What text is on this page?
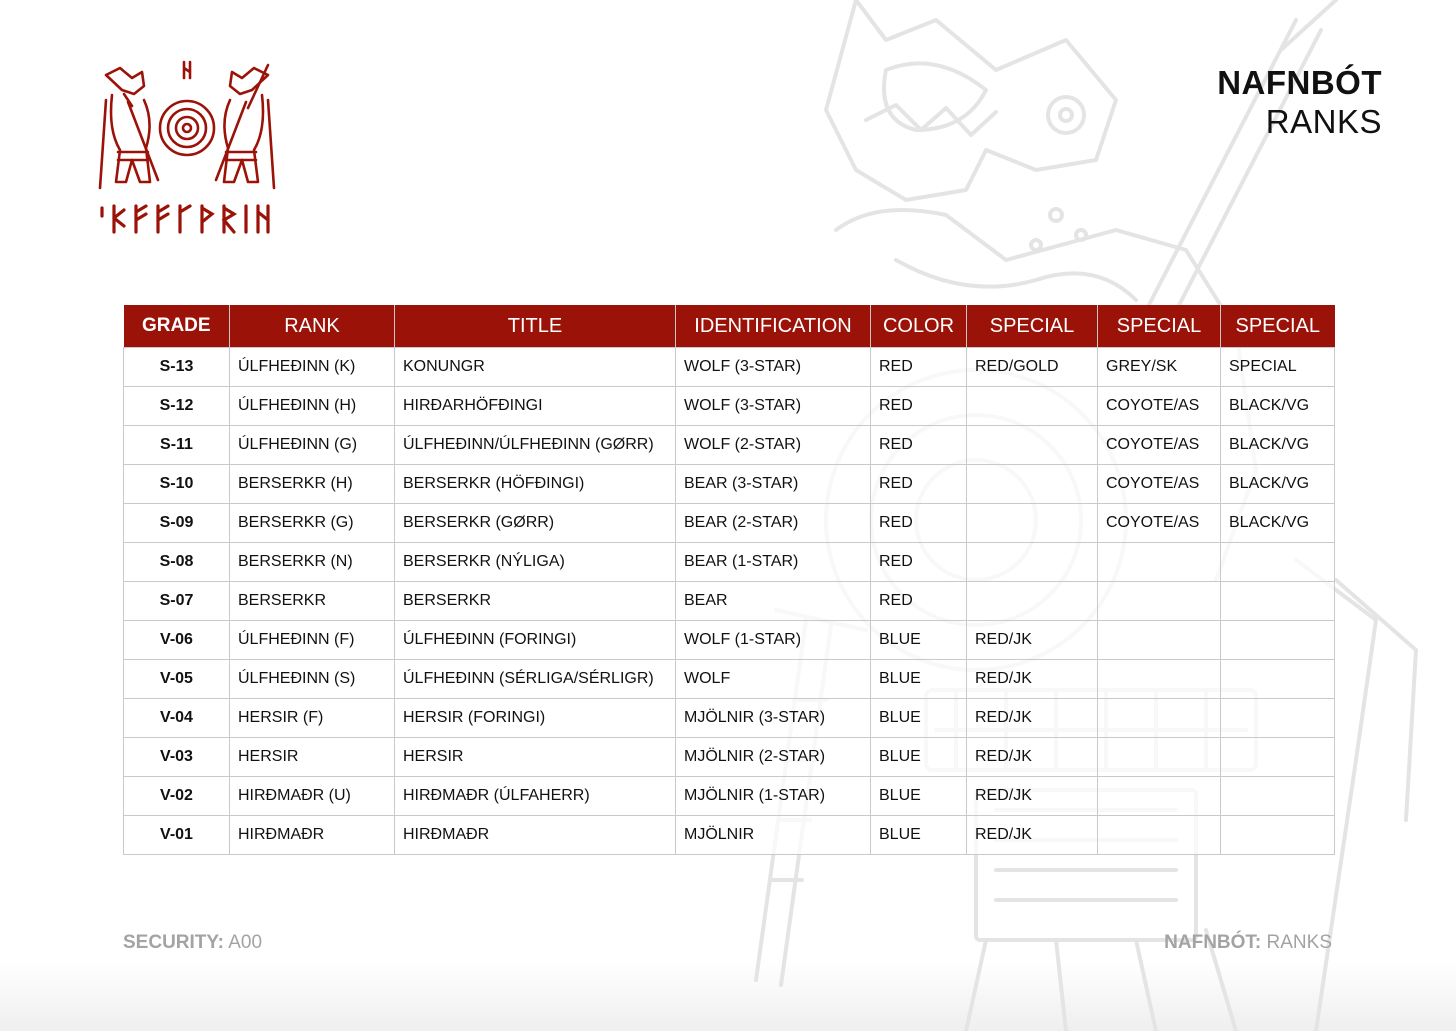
NAFNBÓT
RANKS
GRADE	RANK	TITLE	IDENTIFICATION	COLOR	SPECIAL	SPECIAL	SPECIAL
S-13	ÚLFHEÐINN (K)	KONUNGR	WOLF (3-STAR)	RED	RED/GOLD	GREY/SK	SPECIAL
S-12	ÚLFHEÐINN (H)	HIRÐARHÖFÐINGI	WOLF (3-STAR)	RED		COYOTE/AS	BLACK/VG
S-11	ÚLFHEÐINN (G)	ÚLFHEÐINN/ÚLFHEÐINN (GØRR)	WOLF (2-STAR)	RED		COYOTE/AS	BLACK/VG
S-10	BERSERKR (H)	BERSERKR (HÖFÐINGI)	BEAR (3-STAR)	RED		COYOTE/AS	BLACK/VG
S-09	BERSERKR (G)	BERSERKR (GØRR)	BEAR (2-STAR)	RED		COYOTE/AS	BLACK/VG
S-08	BERSERKR (N)	BERSERKR (NÝLIGA)	BEAR (1-STAR)	RED			
S-07	BERSERKR	BERSERKR	BEAR	RED			
V-06	ÚLFHEÐINN (F)	ÚLFHEÐINN (FORINGI)	WOLF (1-STAR)	BLUE	RED/JK		
V-05	ÚLFHEÐINN (S)	ÚLFHEÐINN (SÉRLIGA/SÉRLIGR)	WOLF	BLUE	RED/JK		
V-04	HERSIR (F)	HERSIR (FORINGI)	MJÖLNIR (3-STAR)	BLUE	RED/JK		
V-03	HERSIR	HERSIR	MJÖLNIR (2-STAR)	BLUE	RED/JK		
V-02	HIRÐMAÐR (U)	HIRÐMAÐR (ÚLFAHERR)	MJÖLNIR (1-STAR)	BLUE	RED/JK		
V-01	HIRÐMAÐR	HIRÐMAÐR	MJÖLNIR	BLUE	RED/JK		
SECURITY: A00	NAFNBÓT: RANKS
